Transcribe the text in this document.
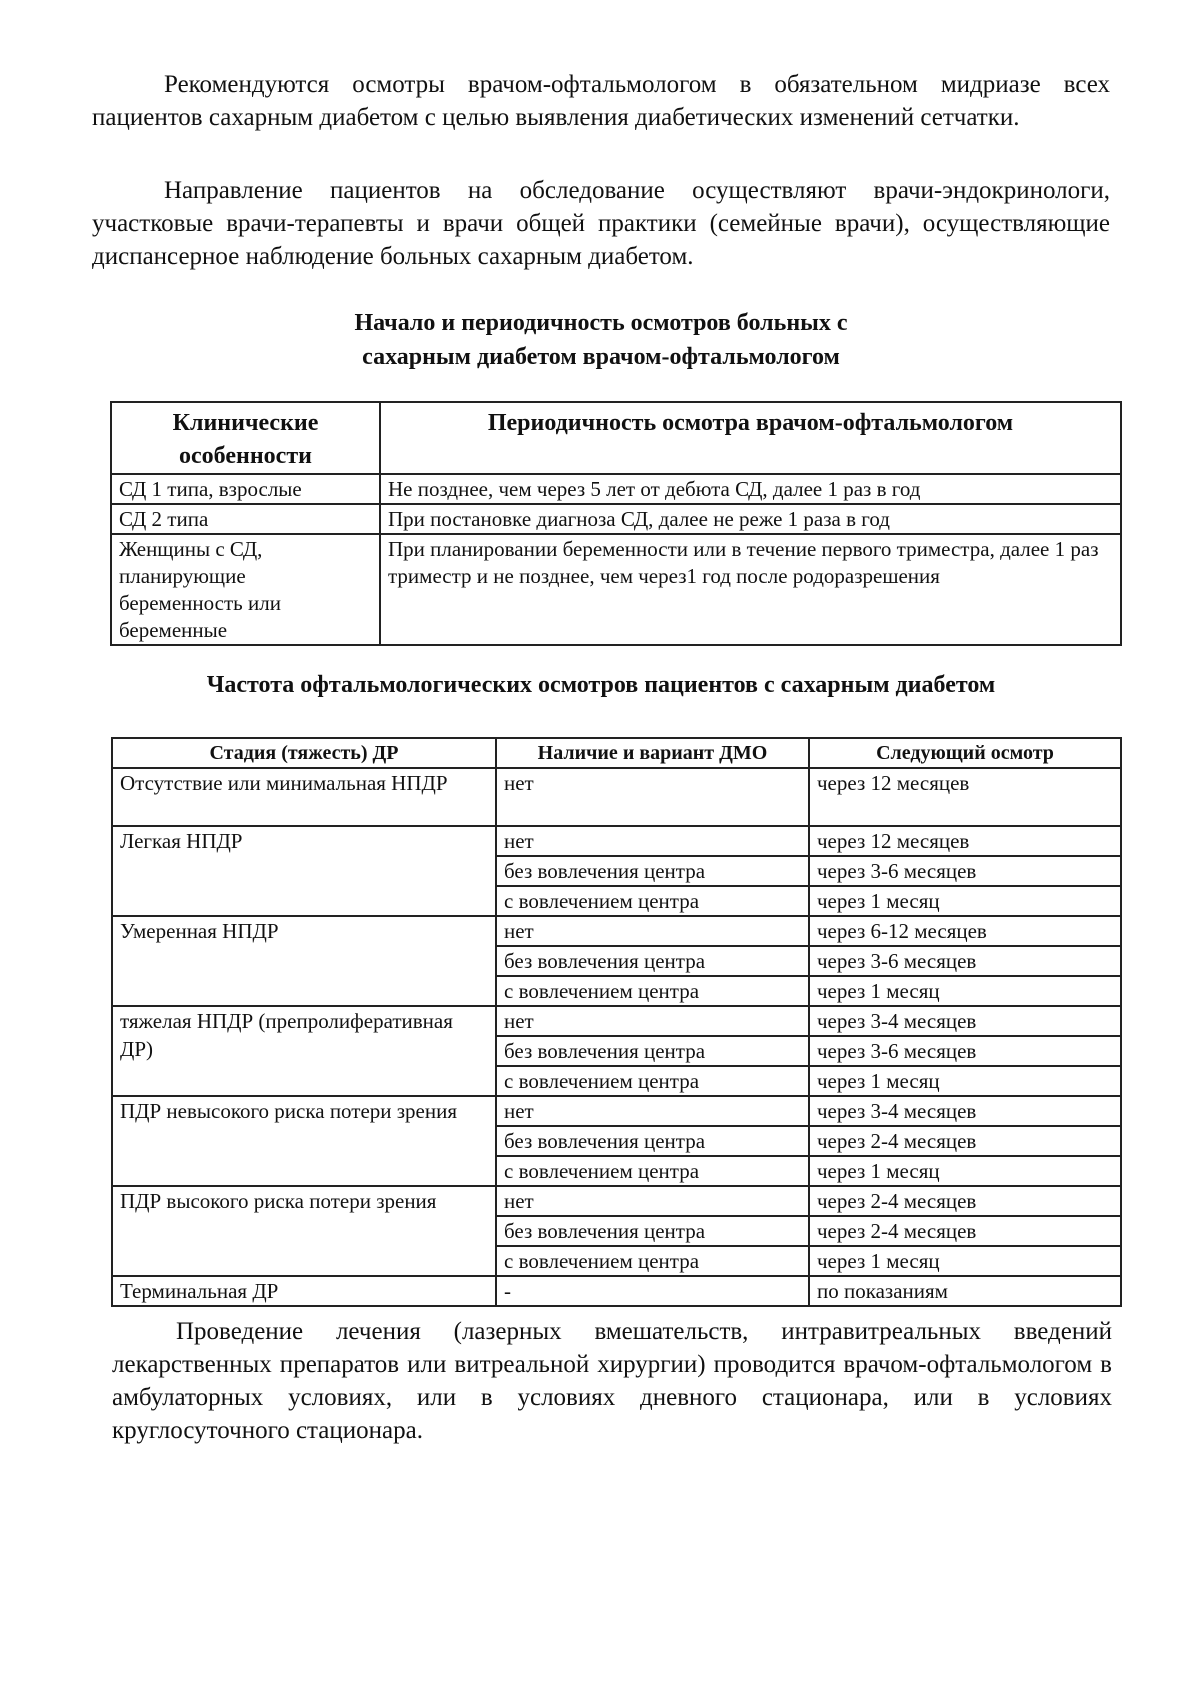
Рекомендуются осмотры врачом-офтальмологом в обязательном мидриазе всех пациентов сахарным диабетом с целью выявления диабетических изменений сетчатки.

Направление пациентов на обследование осуществляют врачи-эндокринологи, участковые врачи-терапевты и врачи общей практики (семейные врачи), осуществляющие диспансерное наблюдение больных сахарным диабетом.

Начало и периодичность осмотров больных с
сахарным диабетом врачом-офтальмологом
Клинические особенности	Периодичность осмотра врачом-офтальмологом
СД 1 типа, взрослые	Не позднее, чем через 5 лет от дебюта СД, далее 1 раз в год
СД 2 типа	При постановке диагноза СД, далее не реже 1 раза в год
Женщины с СД, планирующие беременность или беременные	При планировании беременности или в течение первого триместра, далее 1 раз триместр и не позднее, чем через1 год после родоразрешения
Частота офтальмологических осмотров пациентов с сахарным диабетом
Стадия (тяжесть) ДР	Наличие и вариант ДМО	Следующий осмотр
Отсутствие или минимальная НПДР	нет	через 12 месяцев
Легкая НПДР	нет	через 12 месяцев
	без вовлечения центра	через 3-6 месяцев
	с вовлечением центра	через 1 месяц
Умеренная НПДР	нет	через 6-12 месяцев
	без вовлечения центра	через 3-6 месяцев
	с вовлечением центра	через 1 месяц
тяжелая НПДР (препролиферативная ДР)	нет	через 3-4 месяцев
	без вовлечения центра	через 3-6 месяцев
	с вовлечением центра	через 1 месяц
ПДР невысокого риска потери зрения	нет	через 3-4 месяцев
	без вовлечения центра	через 2-4 месяцев
	с вовлечением центра	через 1 месяц
ПДР высокого риска потери зрения	нет	через 2-4 месяцев
	без вовлечения центра	через 2-4 месяцев
	с вовлечением центра	через 1 месяц
Терминальная ДР	-	по показаниям

Проведение лечения (лазерных вмешательств, интравитреальных введений лекарственных препаратов или витреальной хирургии) проводится врачом-офтальмологом в амбулаторных условиях, или в условиях дневного стационара, или в условиях круглосуточного стационара.
